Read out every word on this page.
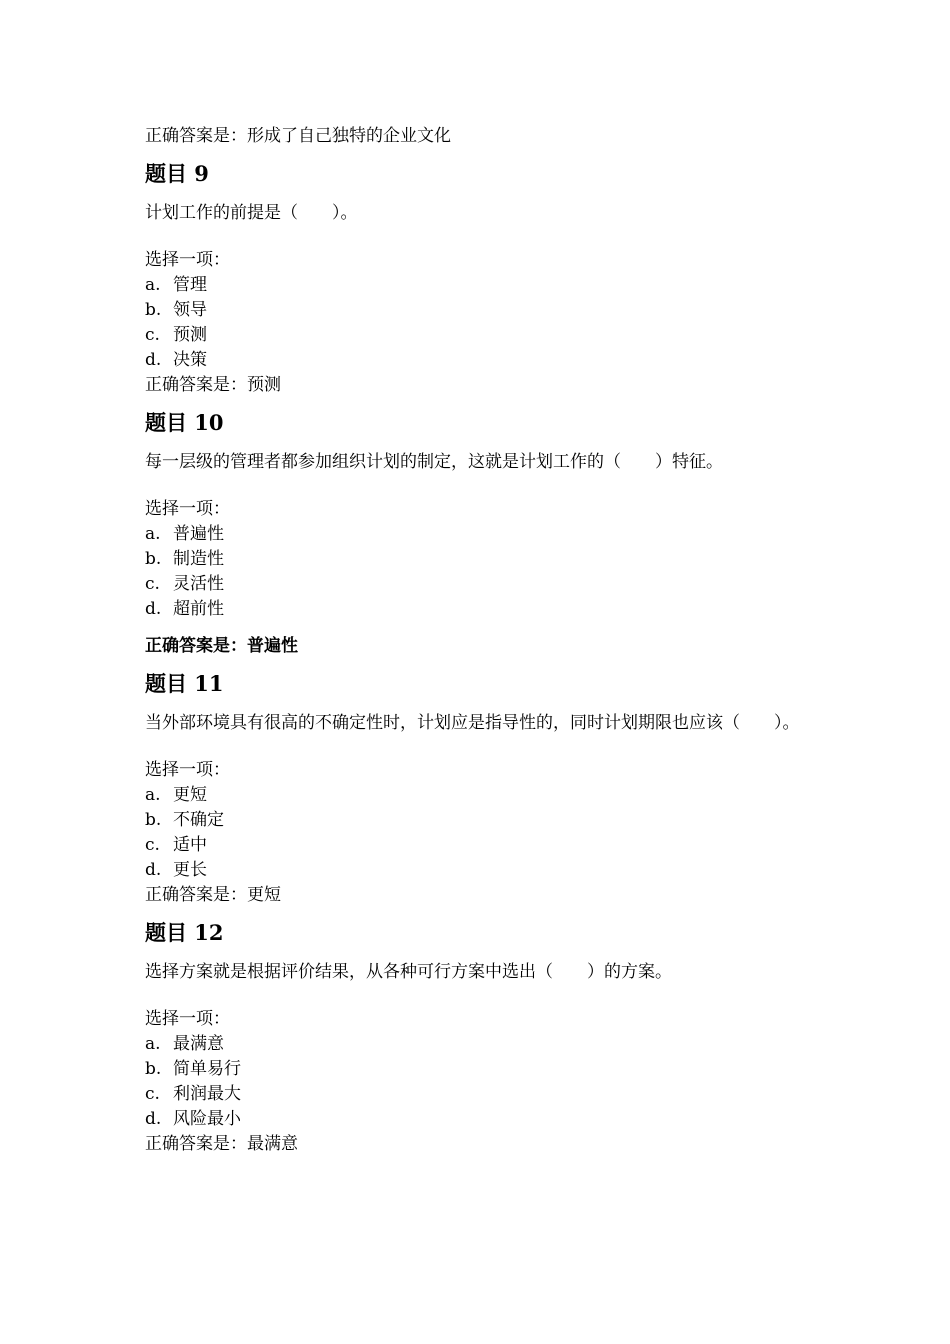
正确答案是：形成了自己独特的企业文化
题目 9
计划工作的前提是（　　）。
选择一项：
a. 管理
b. 领导
c. 预测
d. 决策
正确答案是：预测
题目 10
每一层级的管理者都参加组织计划的制定，这就是计划工作的（　　）特征。
选择一项：
a. 普遍性
b. 制造性
c. 灵活性
d. 超前性
正确答案是：普遍性
题目 11
当外部环境具有很高的不确定性时，计划应是指导性的，同时计划期限也应该（　　）。
选择一项：
a. 更短
b. 不确定
c. 适中
d. 更长
正确答案是：更短
题目 12
选择方案就是根据评价结果，从各种可行方案中选出（　　）的方案。
选择一项：
a. 最满意
b. 简单易行
c. 利润最大
d. 风险最小
正确答案是：最满意
